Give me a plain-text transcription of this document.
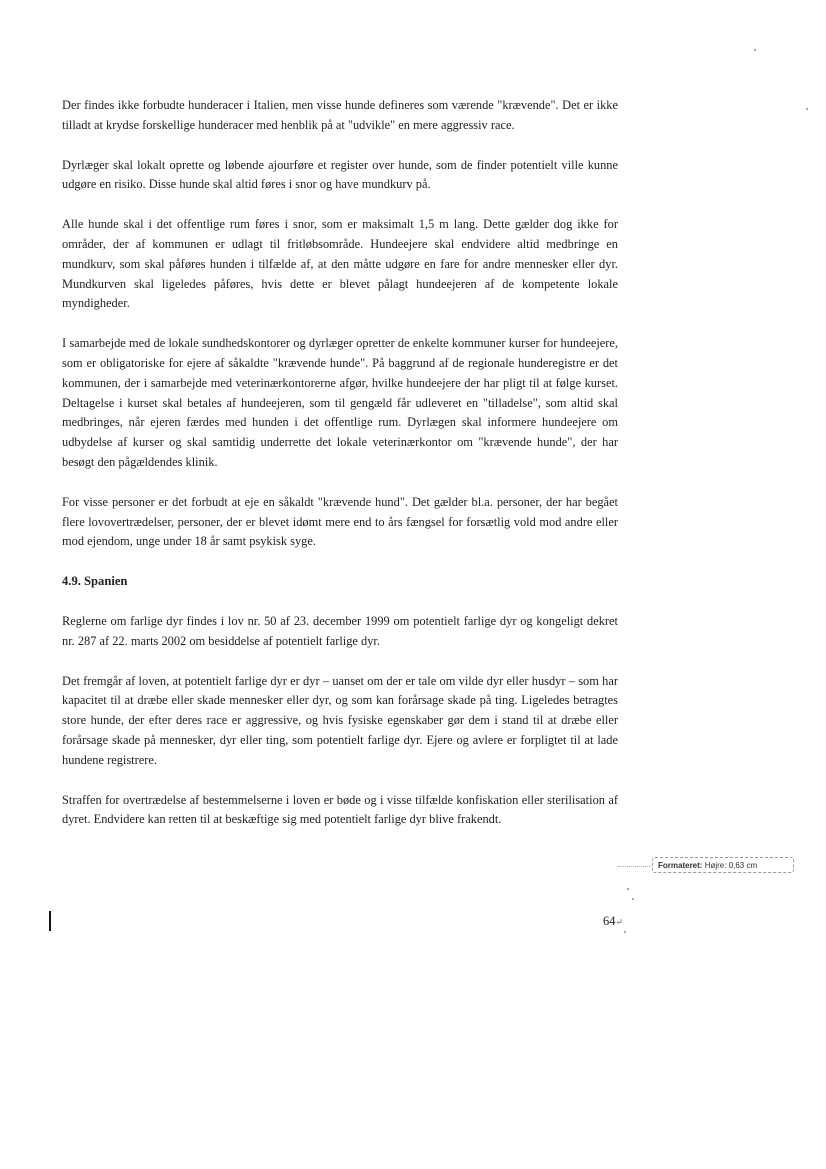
Der findes ikke forbudte hunderacer i Italien, men visse hunde defineres som værende "krævende". Det er ikke tilladt at krydse forskellige hunderacer med henblik på at "udvikle" en mere aggressiv race.

Dyrlæger skal lokalt oprette og løbende ajourføre et register over hunde, som de finder potentielt ville kunne udgøre en risiko. Disse hunde skal altid føres i snor og have mundkurv på.

Alle hunde skal i det offentlige rum føres i snor, som er maksimalt 1,5 m lang. Dette gælder dog ikke for områder, der af kommunen er udlagt til fritløbsområde. Hundeejere skal endvidere altid medbringe en mundkurv, som skal påføres hunden i tilfælde af, at den måtte udgøre en fare for andre mennesker eller dyr. Mundkurven skal ligeledes påføres, hvis dette er blevet pålagt hundeejeren af de kompetente lokale myndigheder.

I samarbejde med de lokale sundhedskontorer og dyrlæger opretter de enkelte kommuner kurser for hundeejere, som er obligatoriske for ejere af såkaldte "krævende hunde". På baggrund af de regionale hunderegistre er det kommunen, der i samarbejde med veterinærkontorerne afgør, hvilke hundeejere der har pligt til at følge kurset. Deltagelse i kurset skal betales af hundeejeren, som til gengæld får udleveret en "tilladelse", som altid skal medbringes, når ejeren færdes med hunden i det offentlige rum. Dyrlægen skal informere hundeejere om udbydelse af kurser og skal samtidig underrette det lokale veterinærkontor om "krævende hunde", der har besøgt den pågældendes klinik.

For visse personer er det forbudt at eje en såkaldt "krævende hund". Det gælder bl.a. personer, der har begået flere lovovertrædelser, personer, der er blevet idømt mere end to års fængsel for forsætlig vold mod andre eller mod ejendom, unge under 18 år samt psykisk syge.

4.9. Spanien

Reglerne om farlige dyr findes i lov nr. 50 af 23. december 1999 om potentielt farlige dyr og kongeligt dekret nr. 287 af 22. marts 2002 om besiddelse af potentielt farlige dyr.

Det fremgår af loven, at potentielt farlige dyr er dyr – uanset om der er tale om vilde dyr eller husdyr – som har kapacitet til at dræbe eller skade mennesker eller dyr, og som kan forårsage skade på ting. Ligeledes betragtes store hunde, der efter deres race er aggressive, og hvis fysiske egenskaber gør dem i stand til at dræbe eller forårsage skade på mennesker, dyr eller ting, som potentielt farlige dyr. Ejere og avlere er forpligtet til at lade hundene registrere.

Straffen for overtrædelse af bestemmelserne i loven er bøde og i visse tilfælde konfiskation eller sterilisation af dyret. Endvidere kan retten til at beskæftige sig med potentielt farlige dyr blive frakendt.

Formateret: Højre: 0,63 cm
64↵
